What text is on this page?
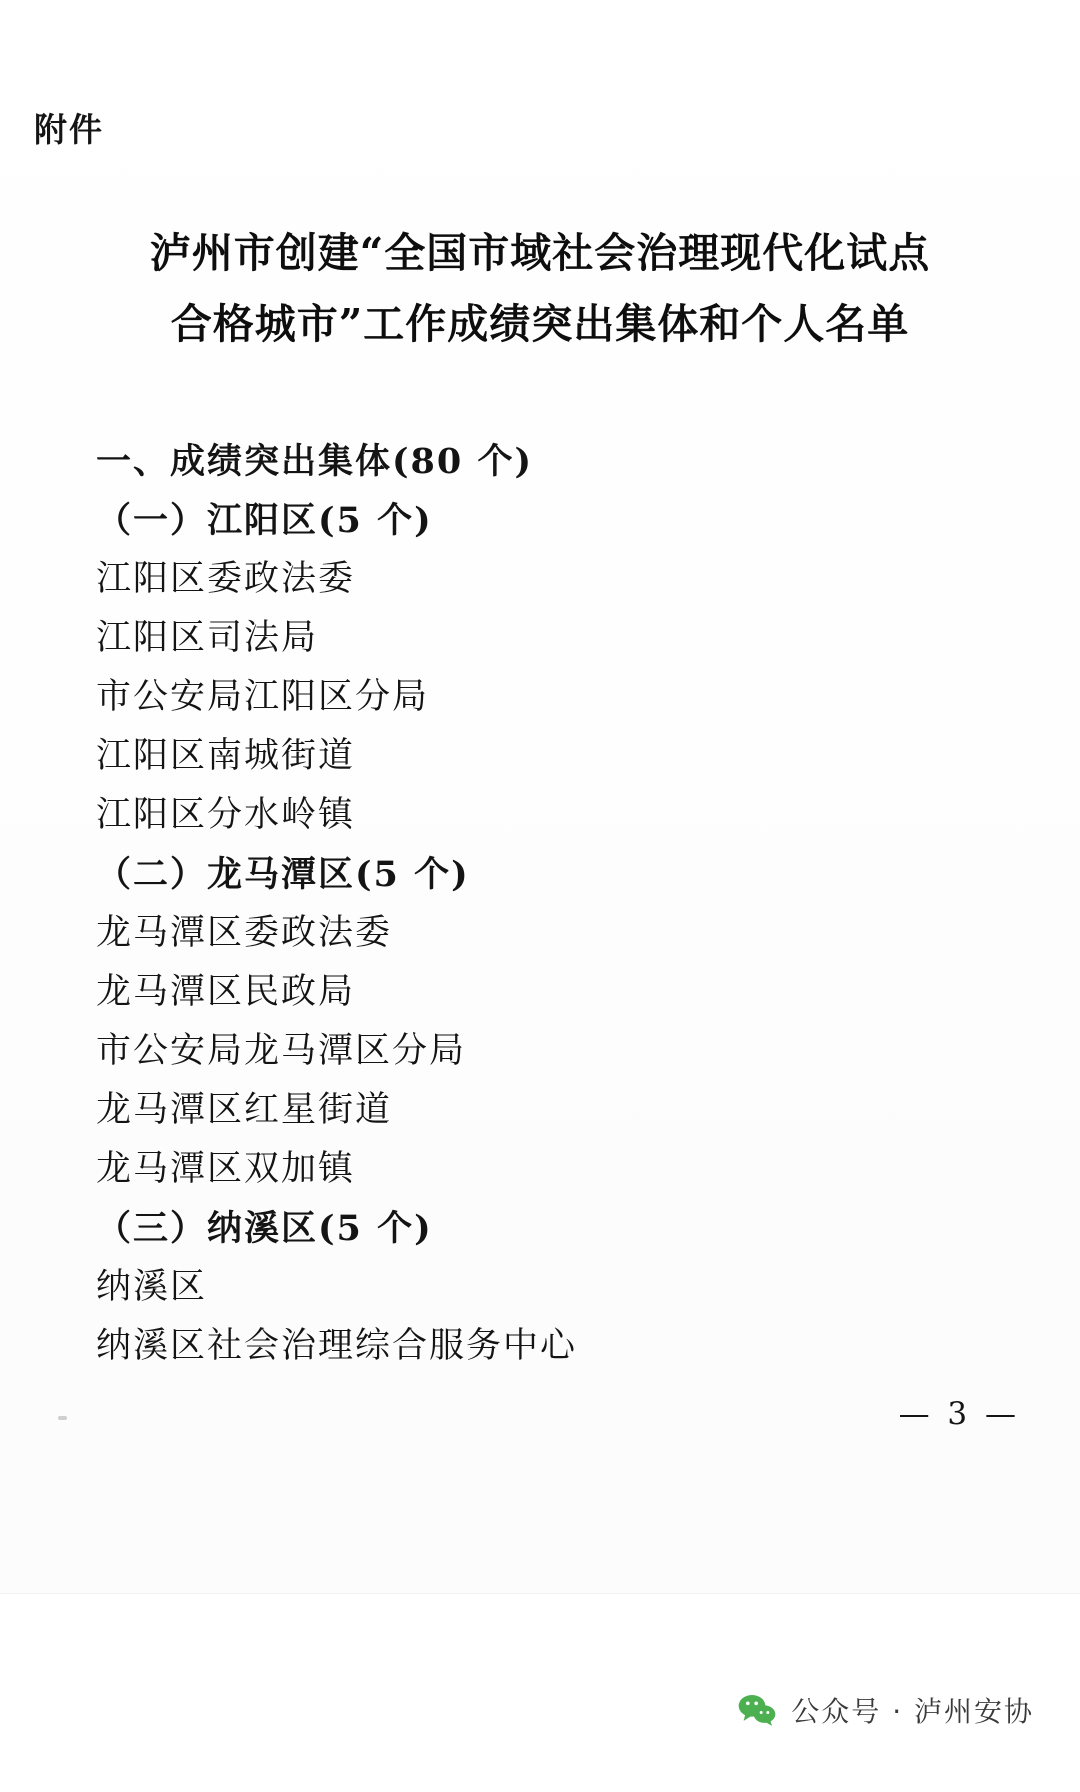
附件
泸州市创建“全国市域社会治理现代化试点
合格城市”工作成绩突出集体和个人名单
一、成绩突出集体(80 个)
（一）江阳区(5 个)
江阳区委政法委
江阳区司法局
市公安局江阳区分局
江阳区南城街道
江阳区分水岭镇
（二）龙马潭区(5 个)
龙马潭区委政法委
龙马潭区民政局
市公安局龙马潭区分局
龙马潭区红星街道
龙马潭区双加镇
（三）纳溪区(5 个)
纳溪区
纳溪区社会治理综合服务中心
— 3 —
公众号 · 泸州安协
